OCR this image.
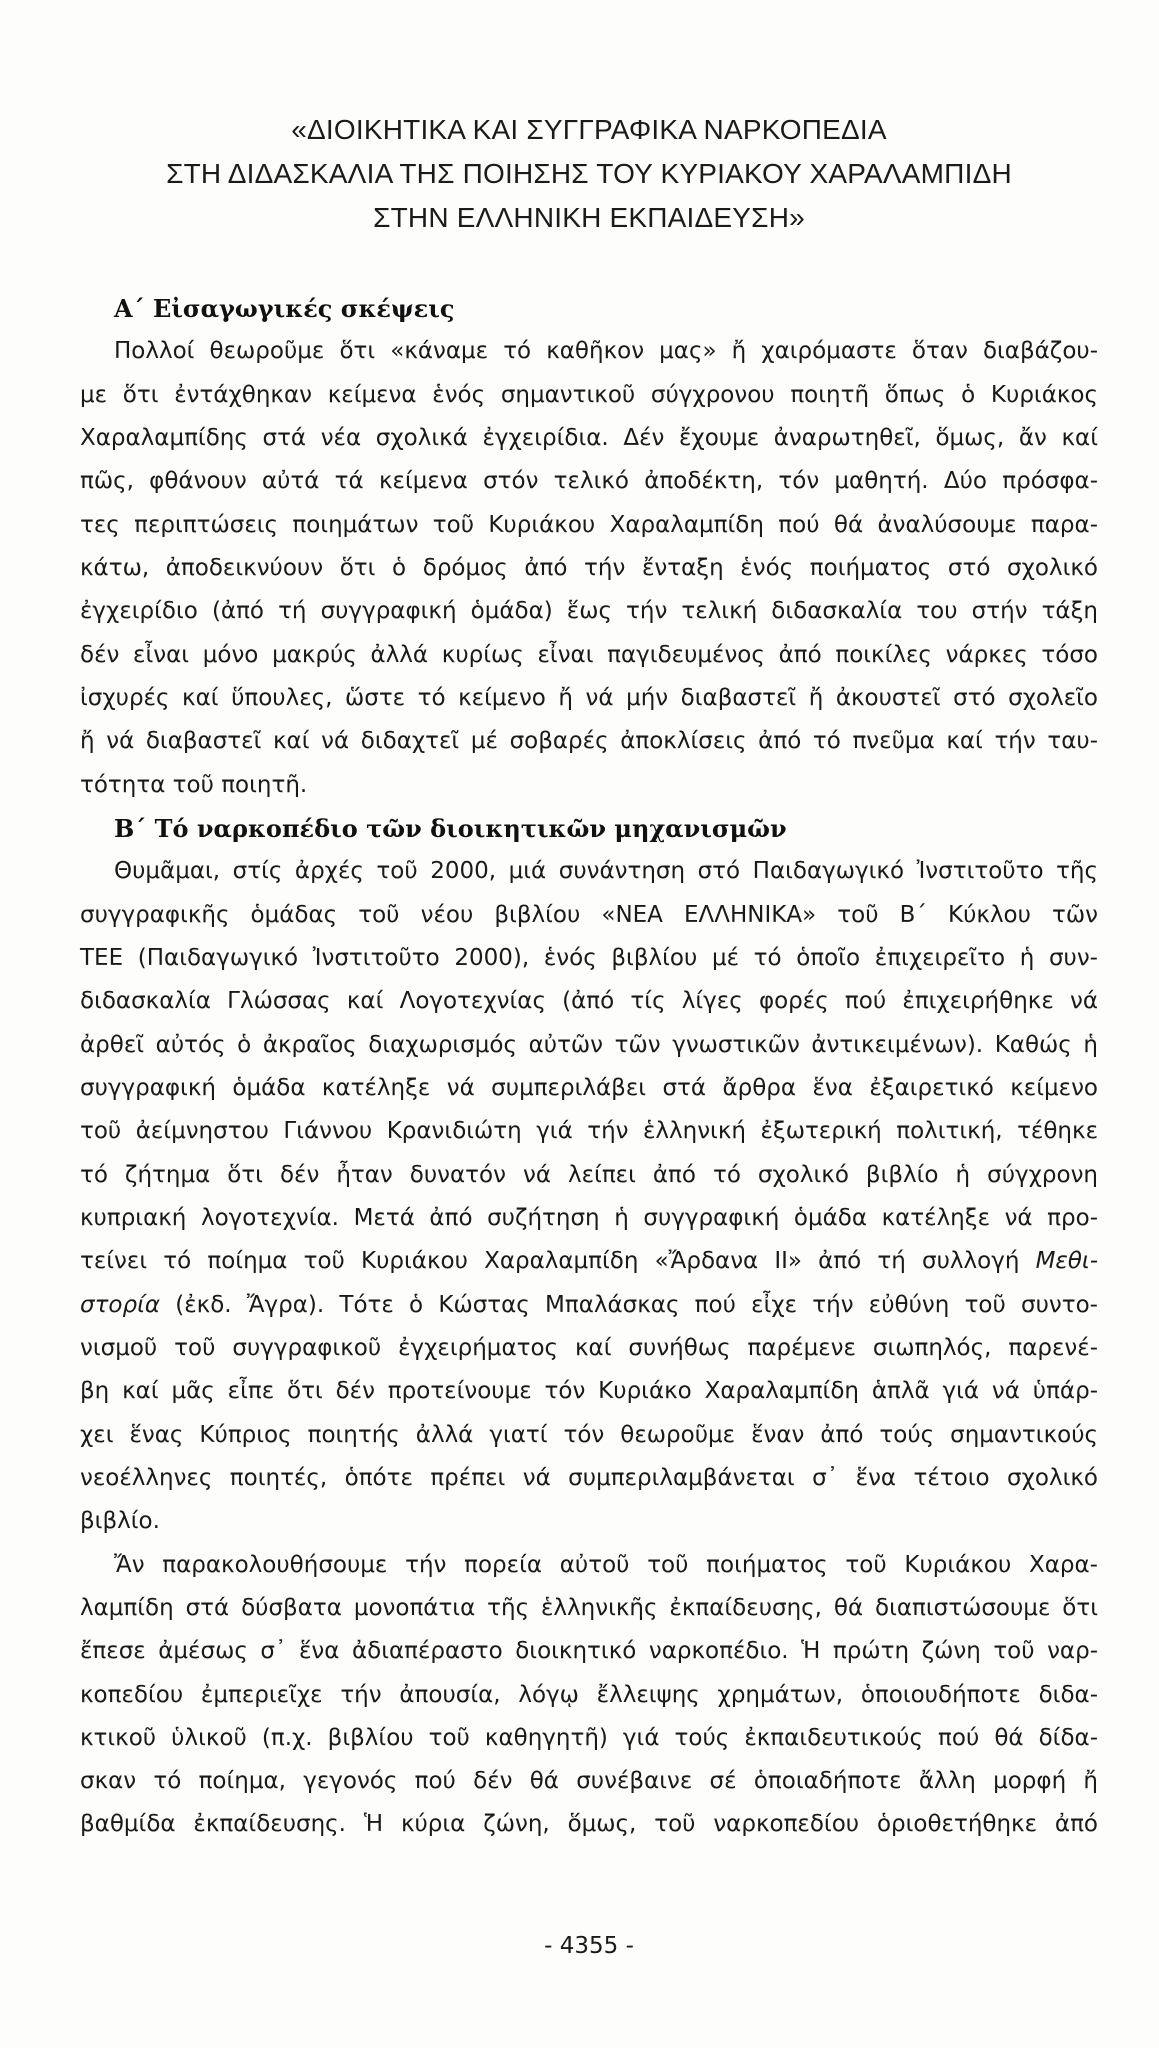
«ΔΙΟΙΚΗΤΙΚΑ ΚΑΙ ΣΥΓΓΡΑΦΙΚΑ ΝΑΡΚΟΠΕΔΙΑ
ΣΤΗ ΔΙΔΑΣΚΑΛΙΑ ΤΗΣ ΠΟΙΗΣΗΣ ΤΟΥ ΚΥΡΙΑΚΟΥ ΧΑΡΑΛΑΜΠΙΔΗ
ΣΤΗΝ ΕΛΛΗΝΙΚΗ ΕΚΠΑΙΔΕΥΣΗ»
Α΄ Εἰσαγωγικές σκέψεις
Πολλοί θεωροῦμε ὅτι «κάναμε τό καθῆκον μας» ἤ χαιρόμαστε ὅταν διαβάζου-
με ὅτι ἐντάχθηκαν κείμενα ἑνός σημαντικοῦ σύγχρονου ποιητῆ ὅπως ὁ Κυριάκος
Χαραλαμπίδης στά νέα σχολικά ἐγχειρίδια. Δέν ἔχουμε ἀναρωτηθεῖ, ὅμως, ἄν καί
πῶς, φθάνουν αὐτά τά κείμενα στόν τελικό ἀποδέκτη, τόν μαθητή. Δύο πρόσφα-
τες περιπτώσεις ποιημάτων τοῦ Κυριάκου Χαραλαμπίδη πού θά ἀναλύσουμε παρα-
κάτω, ἀποδεικνύουν ὅτι ὁ δρόμος ἀπό τήν ἔνταξη ἑνός ποιήματος στό σχολικό
ἐγχειρίδιο (ἀπό τή συγγραφική ὁμάδα) ἕως τήν τελική διδασκαλία του στήν τάξη
δέν εἶναι μόνο μακρύς ἀλλά κυρίως εἶναι παγιδευμένος ἀπό ποικίλες νάρκες τόσο
ἰσχυρές καί ὕπουλες, ὥστε τό κείμενο ἤ νά μήν διαβαστεῖ ἤ ἀκουστεῖ στό σχολεῖο
ἤ νά διαβαστεῖ καί νά διδαχτεῖ μέ σοβαρές ἀποκλίσεις ἀπό τό πνεῦμα καί τήν ταυ-
τότητα τοῦ ποιητῆ.
Β΄ Τό ναρκοπέδιο τῶν διοικητικῶν μηχανισμῶν
Θυμᾶμαι, στίς ἀρχές τοῦ 2000, μιά συνάντηση στό Παιδαγωγικό Ἰνστιτοῦτο τῆς
συγγραφικῆς ὁμάδας τοῦ νέου βιβλίου «ΝΕΑ ΕΛΛΗΝΙΚΑ» τοῦ Β΄ Κύκλου τῶν
ΤΕΕ (Παιδαγωγικό Ἰνστιτοῦτο 2000), ἑνός βιβλίου μέ τό ὁποῖο ἐπιχειρεῖτο ἡ συν-
διδασκαλία Γλώσσας καί Λογοτεχνίας (ἀπό τίς λίγες φορές πού ἐπιχειρήθηκε νά
ἀρθεῖ αὐτός ὁ ἀκραῖος διαχωρισμός αὐτῶν τῶν γνωστικῶν ἀντικειμένων). Καθώς ἡ
συγγραφική ὁμάδα κατέληξε νά συμπεριλάβει στά ἄρθρα ἕνα ἐξαιρετικό κείμενο
τοῦ ἀείμνηστου Γιάννου Κρανιδιώτη γιά τήν ἑλληνική ἐξωτερική πολιτική, τέθηκε
τό ζήτημα ὅτι δέν ἦταν δυνατόν νά λείπει ἀπό τό σχολικό βιβλίο ἡ σύγχρονη
κυπριακή λογοτεχνία. Μετά ἀπό συζήτηση ἡ συγγραφική ὁμάδα κατέληξε νά προ-
τείνει τό ποίημα τοῦ Κυριάκου Χαραλαμπίδη «Ἄρδανα II» ἀπό τή συλλογή Μεθι-
στορία (ἐκδ. Ἄγρα). Τότε ὁ Κώστας Μπαλάσκας πού εἶχε τήν εὐθύνη τοῦ συντο-
νισμοῦ τοῦ συγγραφικοῦ ἐγχειρήματος καί συνήθως παρέμενε σιωπηλός, παρενέ-
βη καί μᾶς εἶπε ὅτι δέν προτείνουμε τόν Κυριάκο Χαραλαμπίδη ἁπλᾶ γιά νά ὑπάρ-
χει ἕνας Κύπριος ποιητής ἀλλά γιατί τόν θεωροῦμε ἕναν ἀπό τούς σημαντικούς
νεοέλληνες ποιητές, ὁπότε πρέπει νά συμπεριλαμβάνεται σ᾽ ἕνα τέτοιο σχολικό
βιβλίο.
Ἄν παρακολουθήσουμε τήν πορεία αὐτοῦ τοῦ ποιήματος τοῦ Κυριάκου Χαρα-
λαμπίδη στά δύσβατα μονοπάτια τῆς ἑλληνικῆς ἐκπαίδευσης, θά διαπιστώσουμε ὅτι
ἔπεσε ἀμέσως σ᾽ ἕνα ἀδιαπέραστο διοικητικό ναρκοπέδιο. Ἡ πρώτη ζώνη τοῦ ναρ-
κοπεδίου ἐμπεριεῖχε τήν ἀπουσία, λόγῳ ἔλλειψης χρημάτων, ὁποιουδήποτε διδα-
κτικοῦ ὑλικοῦ (π.χ. βιβλίου τοῦ καθηγητῆ) γιά τούς ἐκπαιδευτικούς πού θά δίδα-
σκαν τό ποίημα, γεγονός πού δέν θά συνέβαινε σέ ὁποιαδήποτε ἄλλη μορφή ἤ
βαθμίδα ἐκπαίδευσης. Ἡ κύρια ζώνη, ὅμως, τοῦ ναρκοπεδίου ὁριοθετήθηκε ἀπό
- 4355 -
